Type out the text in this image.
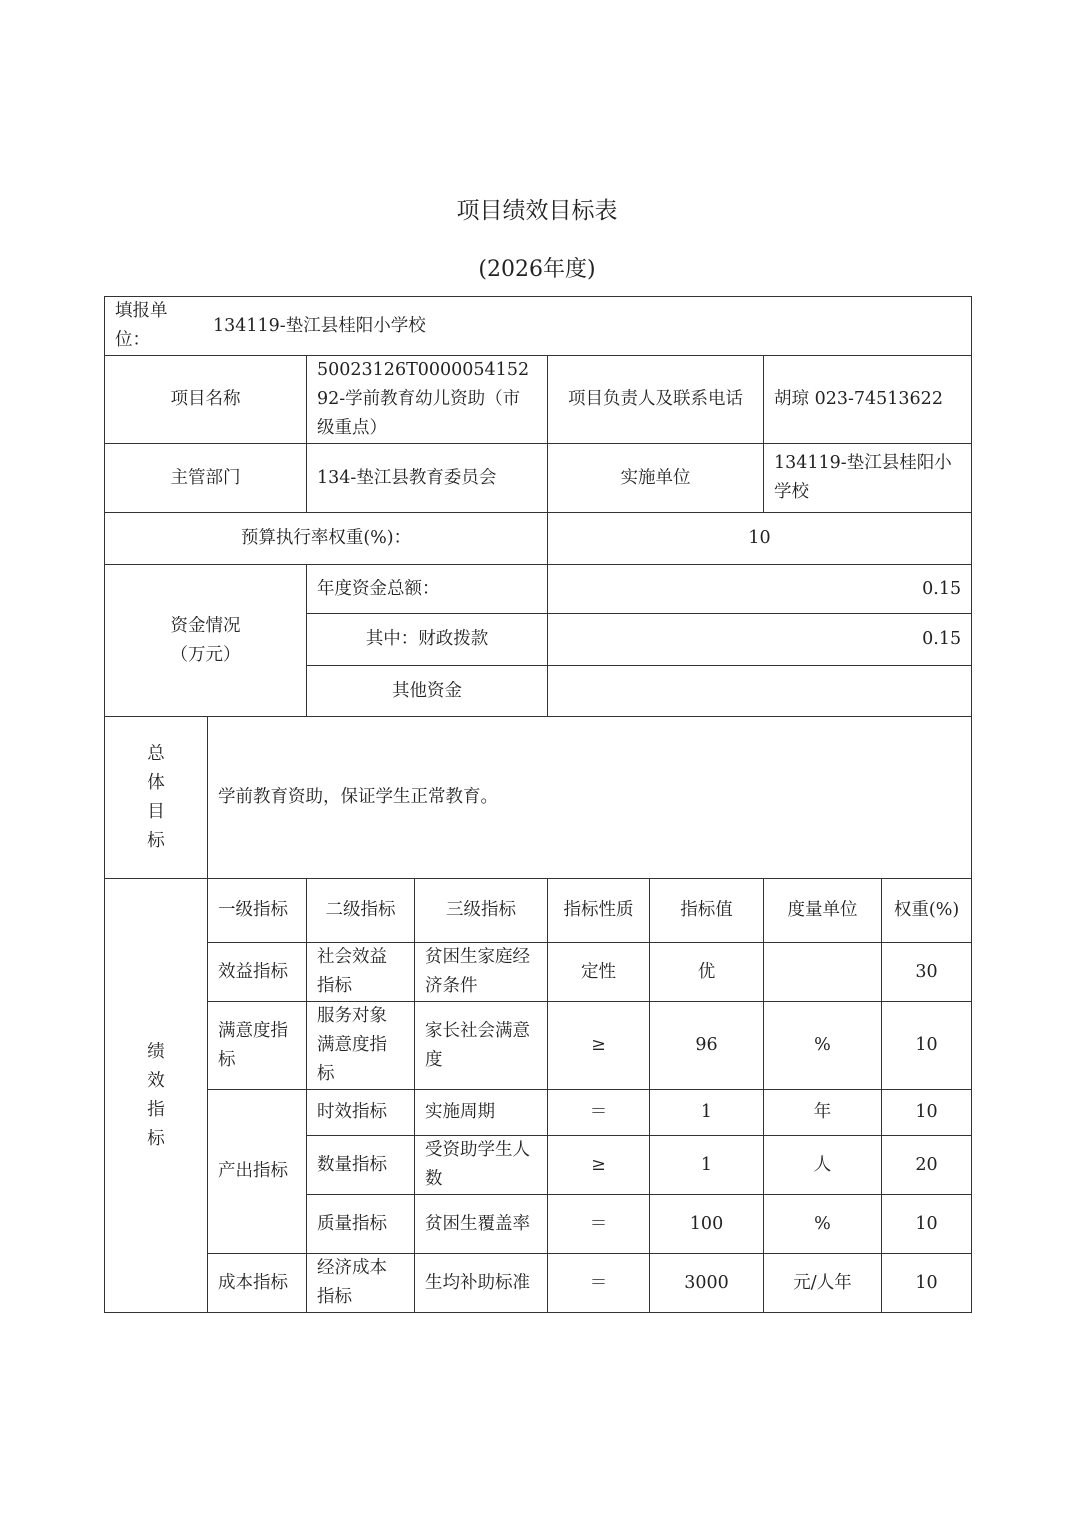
项目绩效目标表
(2026年度)
填报单位：134119-垫江县桂阳小学校							
项目名称		50023126T000005415292-学前教育幼儿资助（市级重点）		项目负责人及联系电话		胡琼 023-74513622	
主管部门		134-垫江县教育委员会		实施单位		134119-垫江县桂阳小学校	
预算执行率权重(%)：				10			
资金情况（万元）		年度资金总额：		0.15			
		其中：财政拨款		0.15			
		其他资金					

总体目标	学前教育资助，保证学生正常教育。						

绩效指标	一级指标	二级指标	三级指标	指标性质	指标值	度量单位	权重(%)
	效益指标	社会效益指标	贫困生家庭经济条件	定性	优		30
	满意度指标	服务对象满意度指标	家长社会满意度	≥	96	%	10
	产出指标	时效指标	实施周期	＝	1	年	10
		数量指标	受资助学生人数	≥	1	人	20
		质量指标	贫困生覆盖率	＝	100	%	10
	成本指标	经济成本指标	生均补助标准	＝	3000	元/人年	10
